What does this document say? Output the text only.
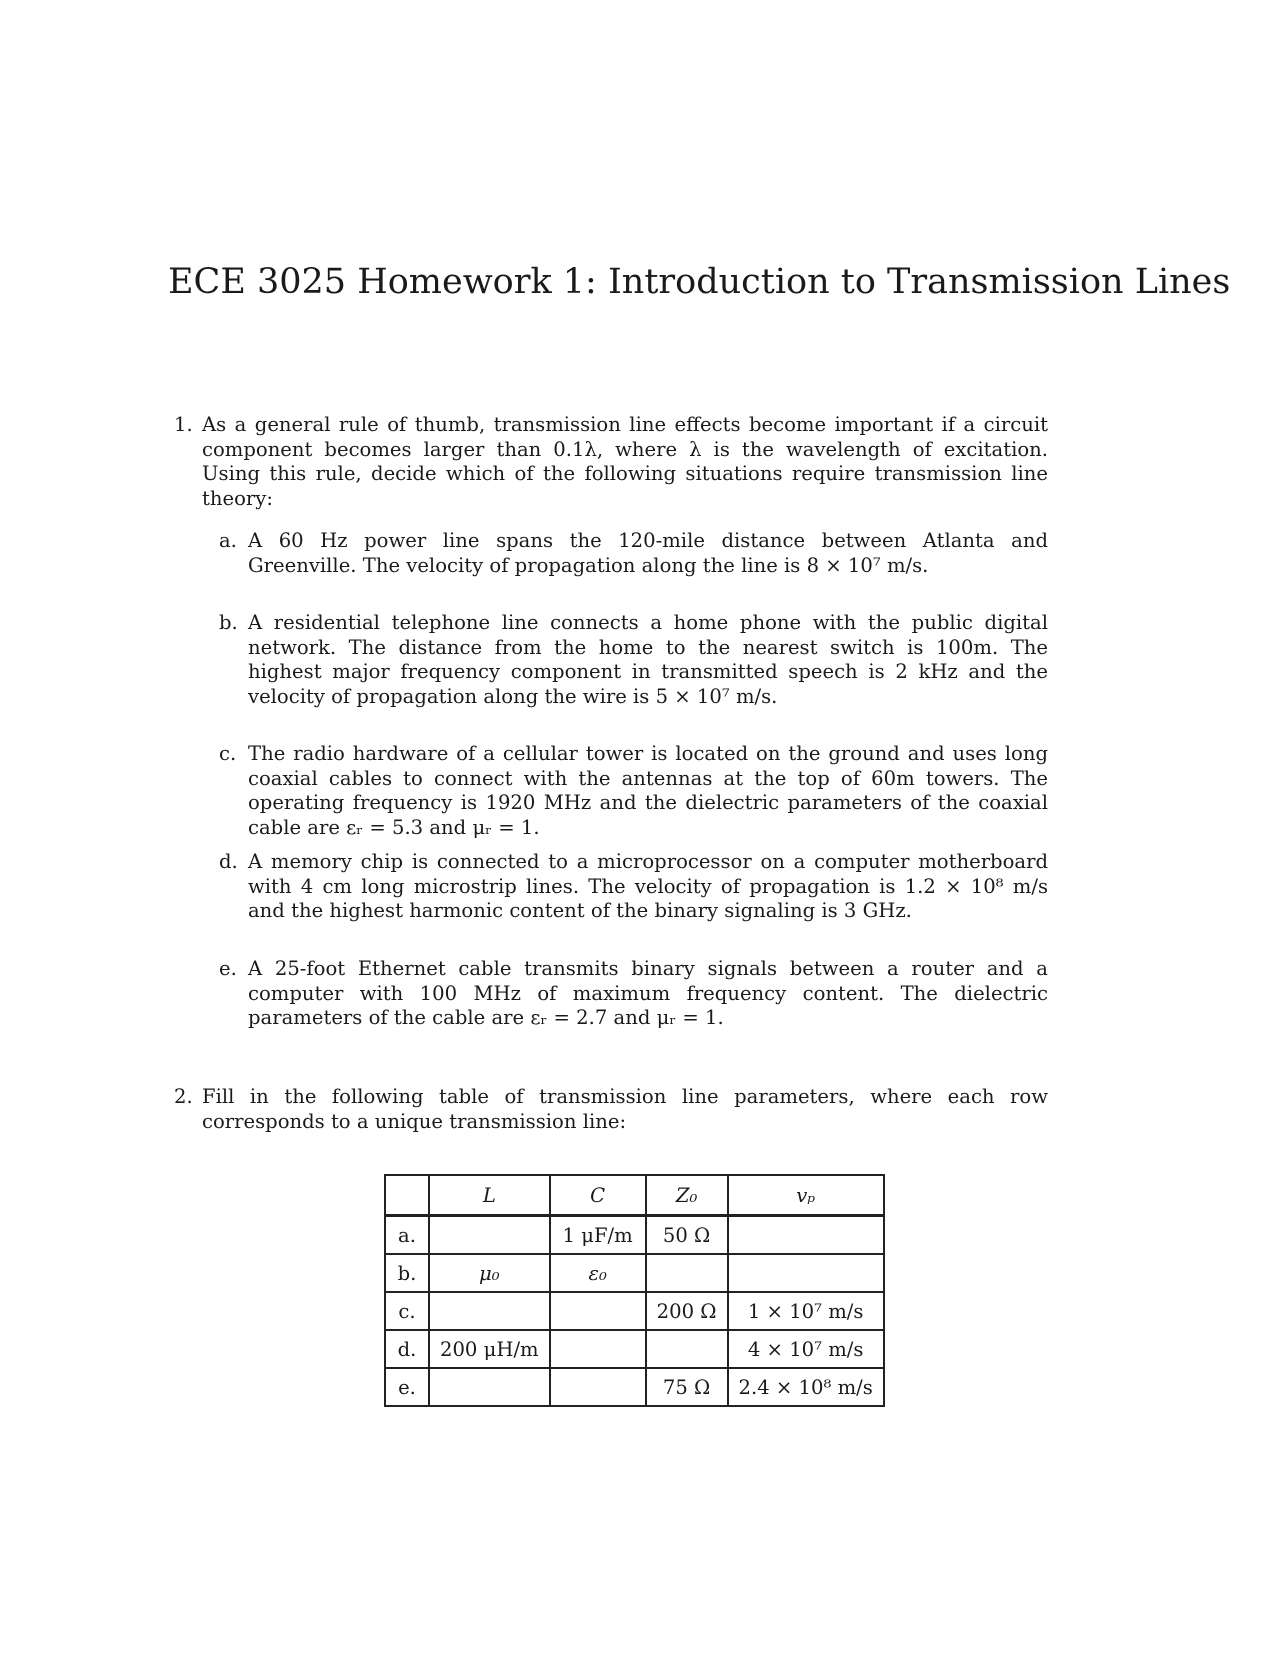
ECE 3025 Homework 1: Introduction to Transmission Lines
1. As a general rule of thumb, transmission line effects become important if a circuit component becomes larger than 0.1λ, where λ is the wavelength of excitation. Using this rule, decide which of the following situations require transmission line theory:

a. A 60 Hz power line spans the 120-mile distance between Atlanta and Greenville. The velocity of propagation along the line is 8 × 10⁷ m/s.

b. A residential telephone line connects a home phone with the public digital network. The distance from the home to the nearest switch is 100m. The highest major frequency component in transmitted speech is 2 kHz and the velocity of propagation along the wire is 5 × 10⁷ m/s.

c. The radio hardware of a cellular tower is located on the ground and uses long coaxial cables to connect with the antennas at the top of 60m towers. The operating frequency is 1920 MHz and the dielectric parameters of the coaxial cable are εᵣ = 5.3 and μᵣ = 1.

d. A memory chip is connected to a microprocessor on a computer motherboard with 4 cm long microstrip lines. The velocity of propagation is 1.2 × 10⁸ m/s and the highest harmonic content of the binary signaling is 3 GHz.

e. A 25-foot Ethernet cable transmits binary signals between a router and a computer with 100 MHz of maximum frequency content. The dielectric parameters of the cable are εᵣ = 2.7 and μᵣ = 1.

2. Fill in the following table of transmission line parameters, where each row corresponds to a unique transmission line:

	L	C	Z₀	vₚ
a.		1 μF/m	50 Ω	
b.	μ₀	ε₀		
c.			200 Ω	1 × 10⁷ m/s
d.	200 μH/m			4 × 10⁷ m/s
e.			75 Ω	2.4 × 10⁸ m/s
